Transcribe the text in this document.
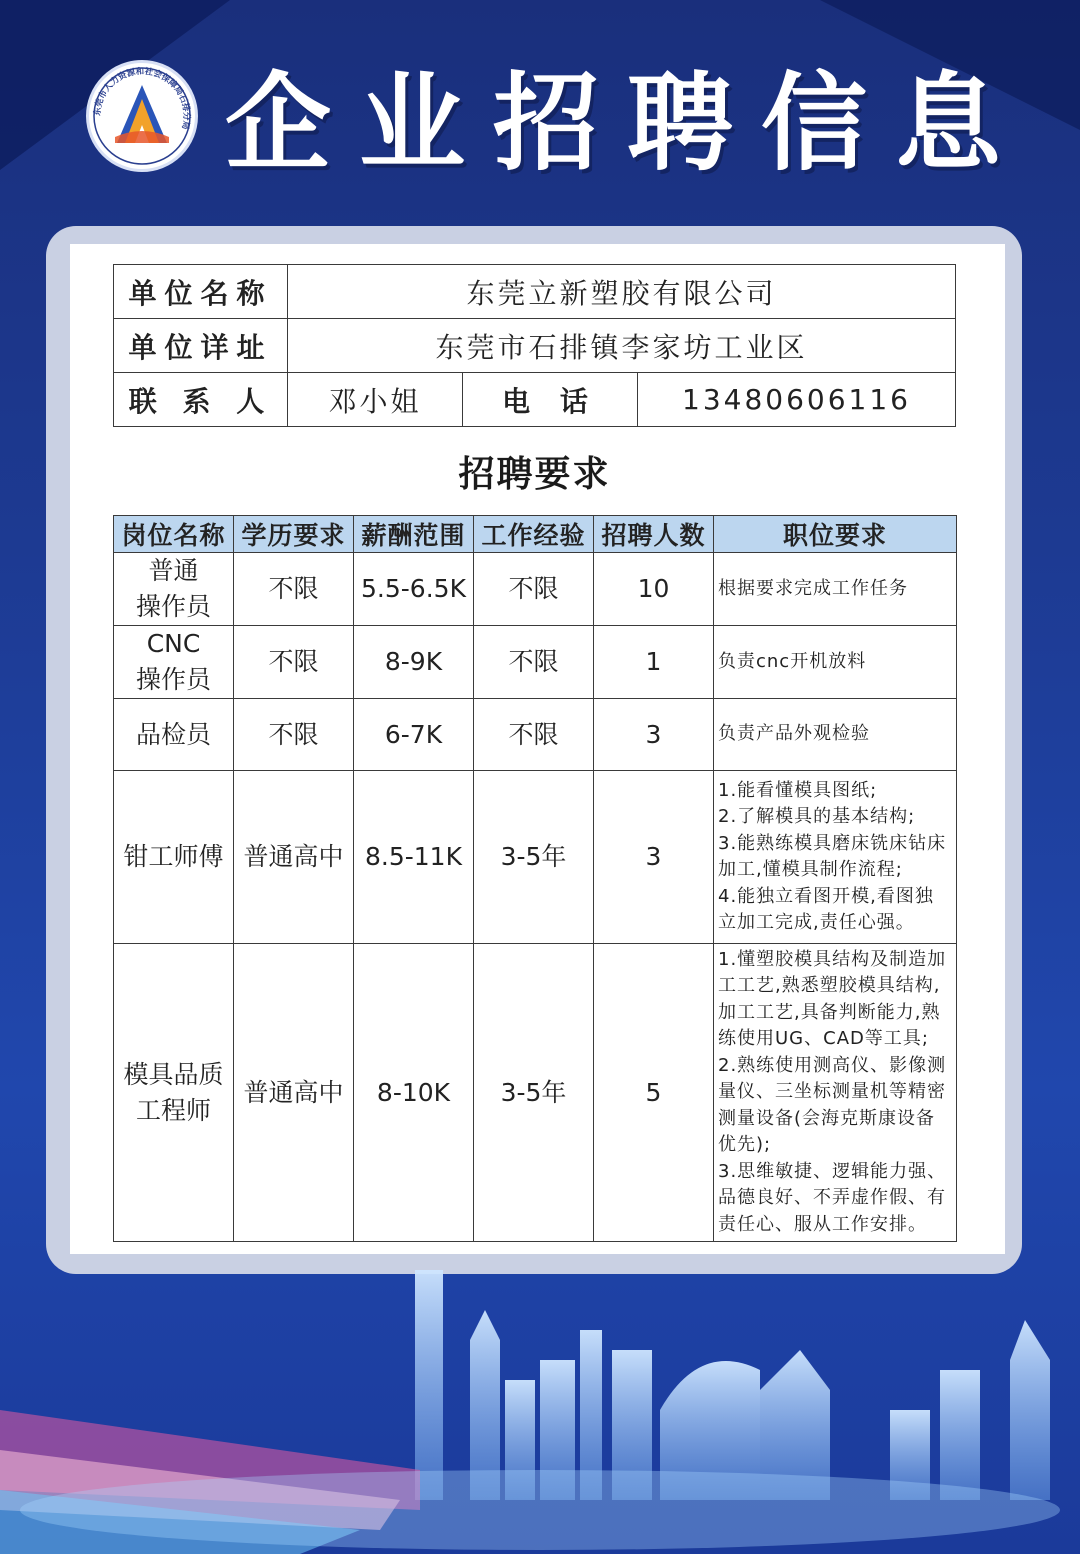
东莞市人力资源和社会保障局石排分局 企业招聘信息
单位名称	东莞立新塑胶有限公司		
单位详址	东莞市石排镇李家坊工业区		
联 系 人	邓小姐	电 话	13480606116
招聘要求
岗位名称	学历要求	薪酬范围	工作经验	招聘人数	职位要求

普通
操作员	不限	5.5-6.5K	不限	10	根据要求完成工作任务

CNC
操作员	不限	8-9K	不限	1	负责cnc开机放料

品检员	不限	6-7K	不限	3	负责产品外观检验

钳工师傅	普通高中	8.5-11K	3-5年	3	1.能看懂模具图纸;
2.了解模具的基本结构;
3.能熟练模具磨床铣床钻床加工,懂模具制作流程;
4.能独立看图开模,看图独立加工完成,责任心强。

模具品质
工程师	普通高中	8-10K	3-5年	5	1.懂塑胶模具结构及制造加工工艺,熟悉塑胶模具结构,加工工艺,具备判断能力,熟练使用UG、CAD等工具;
2.熟练使用测高仪、影像测量仪、三坐标测量机等精密测量设备(会海克斯康设备优先);
3.思维敏捷、逻辑能力强、品德良好、不弄虚作假、有责任心、服从工作安排。
